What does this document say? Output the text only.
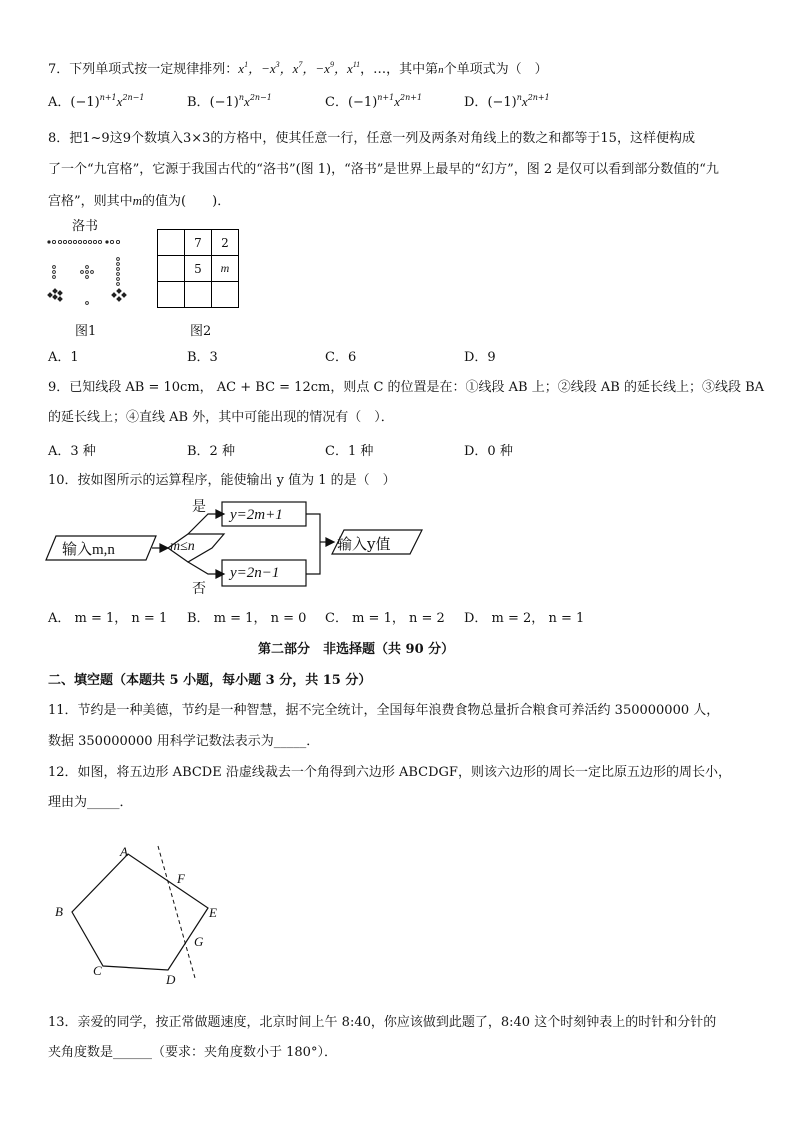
7．下列单项式按一定规律排列：$x^1$，$-x^3$，$x^7$，$-x^9$，$x^{11}$，…，其中第n个单项式为（　）
A．$(-1)^{n+1}x^{2n-1}$	B．$(-1)^nx^{2n-1}$	C．$(-1)^{n+1}x^{2n+1}$	D．$(-1)^nx^{2n+1}$
8．把1~9这9个数填入3×3的方格中，使其任意一行，任意一列及两条对角线上的数之和都等于15，这样便构成
了一个“九宫格”，它源于我国古代的“洛书”(图 1)，“洛书”是世界上最早的“幻方”，图 2 是仅可以看到部分数值的“九
宫格”，则其中m的值为(　　)．
洛书
	7	2
	5	m

图1	图2
A．1	B．3	C．6	D．9
9．已知线段 AB = 10cm， AC + BC = 12cm，则点 C 的位置是在：①线段 AB 上；②线段 AB 的延长线上；③线段 BA
的延长线上；④直线 AB 外，其中可能出现的情况有（　）．
A．3 种	B．2 种	C．1 种	D．0 种
10．按如图所示的运算程序，能使输出 y 值为 1 的是（　）
输入m,n	m≤n
是
否
y=2m+1
y=2n−1
输入y值
A． m = 1， n = 1 B． m = 1， n = 0 C． m = 1， n = 2 D． m = 2， n = 1
第二部分　非选择题（共 90 分）
二、填空题（本题共 5 小题，每小题 3 分，共 15 分）
11．节约是一种美德，节约是一种智慧，据不完全统计，全国每年浪费食物总量折合粮食可养活约 350000000 人，
数据 350000000 用科学记数法表示为_____．
12．如图，将五边形 ABCDE 沿虚线裁去一个角得到六边形 ABCDGF，则该六边形的周长一定比原五边形的周长小，
理由为_____．
A
B
C
D
E
F
G
13．亲爱的同学，按正常做题速度，北京时间上午 8:40，你应该做到此题了，8:40 这个时刻钟表上的时针和分针的
夹角度数是______（要求：夹角度数小于 180°）．
